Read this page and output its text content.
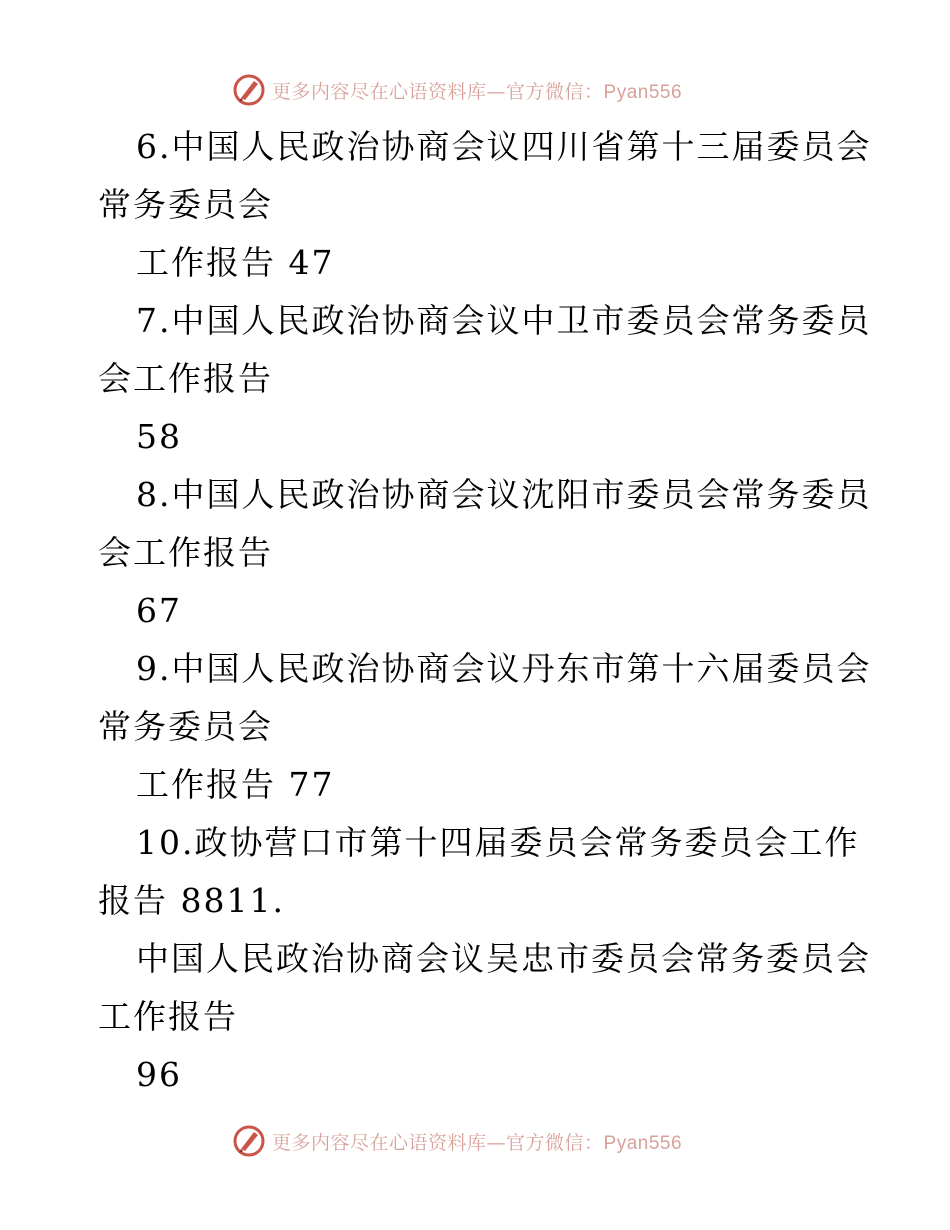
更多内容尽在心语资料库—官方微信：Pyan556
6.中国人民政治协商会议四川省第十三届委员会
常务委员会
工作报告 47
7.中国人民政治协商会议中卫市委员会常务委员
会工作报告
58
8.中国人民政治协商会议沈阳市委员会常务委员
会工作报告
67
9.中国人民政治协商会议丹东市第十六届委员会
常务委员会
工作报告 77
10.政协营口市第十四届委员会常务委员会工作
报告 8811.
中国人民政治协商会议吴忠市委员会常务委员会
工作报告
96
更多内容尽在心语资料库—官方微信：Pyan556
